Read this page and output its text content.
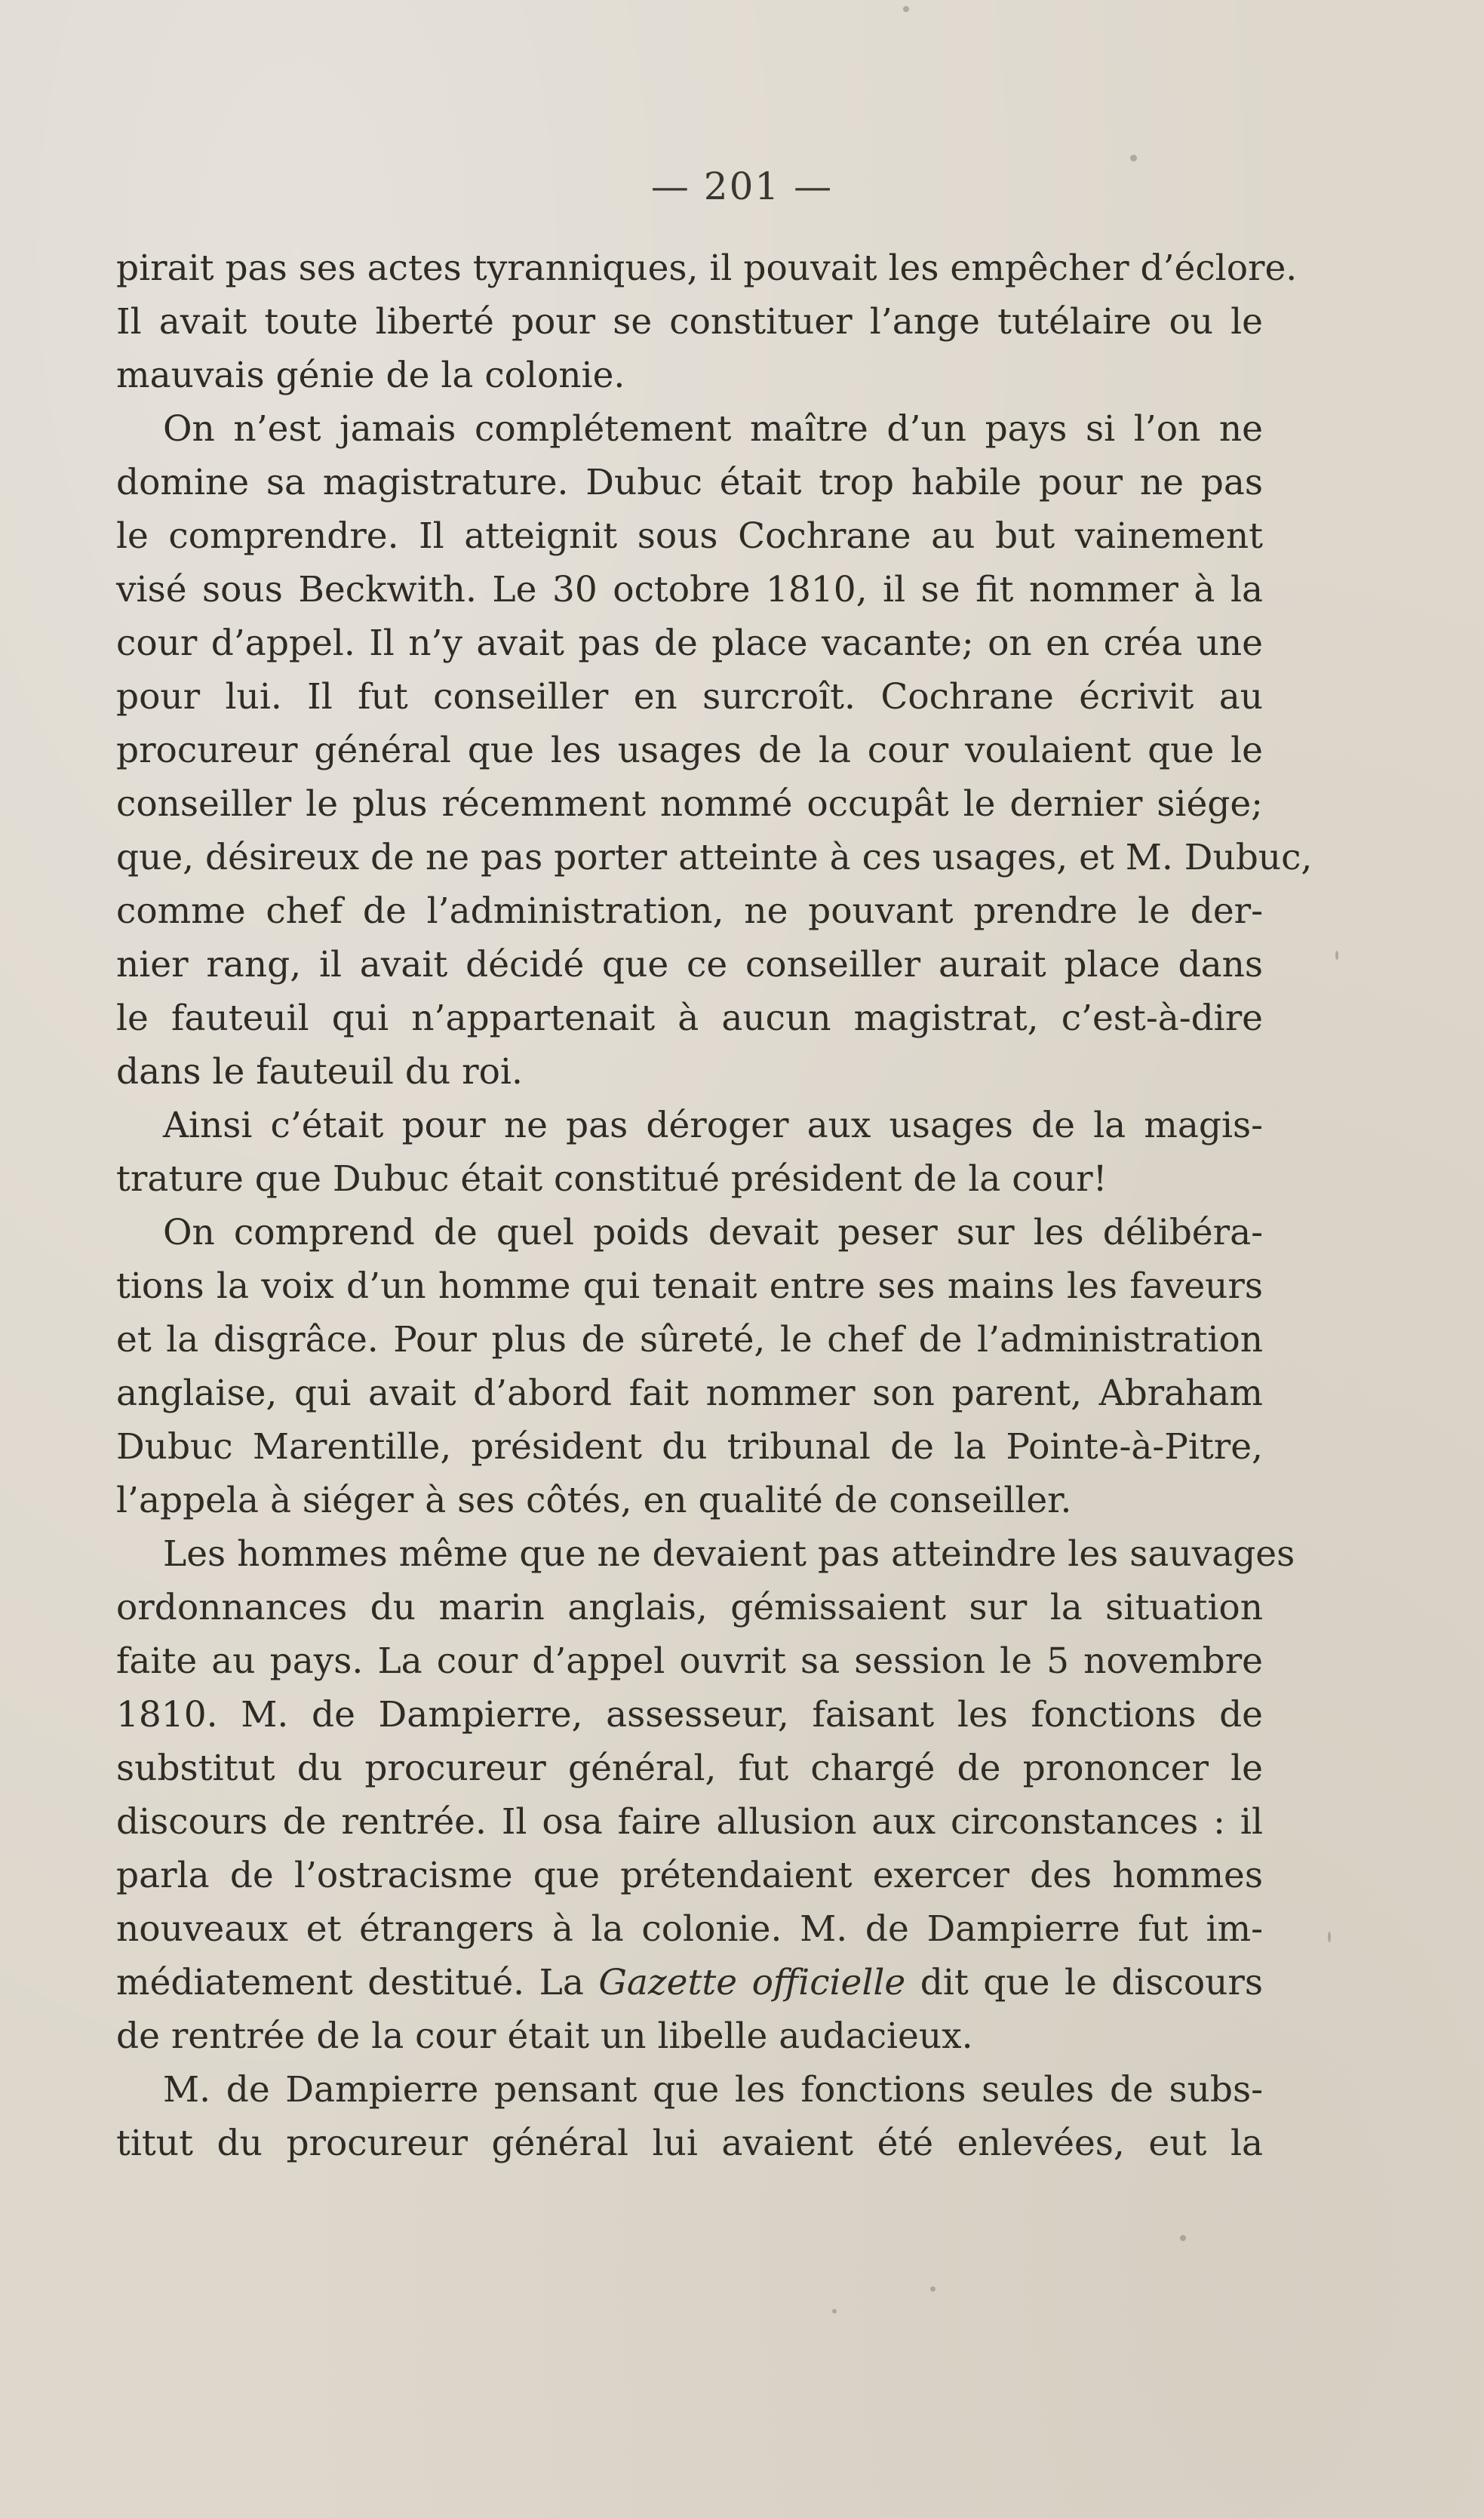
— 201 —
pirait pas ses actes tyranniques, il pouvait les empêcher d’éclore.
Il avait toute liberté pour se constituer l’ange tutélaire ou le
mauvais génie de la colonie.
On n’est jamais complétement maître d’un pays si l’on ne
domine sa magistrature. Dubuc était trop habile pour ne pas
le comprendre. Il atteignit sous Cochrane au but vainement
visé sous Beckwith. Le 30 octobre 1810, il se fit nommer à la
cour d’appel. Il n’y avait pas de place vacante; on en créa une
pour lui. Il fut conseiller en surcroît. Cochrane écrivit au
procureur général que les usages de la cour voulaient que le
conseiller le plus récemment nommé occupât le dernier siége;
que, désireux de ne pas porter atteinte à ces usages, et M. Dubuc,
comme chef de l’administration, ne pouvant prendre le der-
nier rang, il avait décidé que ce conseiller aurait place dans
le fauteuil qui n’appartenait à aucun magistrat, c’est-à-dire
dans le fauteuil du roi.
Ainsi c’était pour ne pas déroger aux usages de la magis-
trature que Dubuc était constitué président de la cour!
On comprend de quel poids devait peser sur les délibéra-
tions la voix d’un homme qui tenait entre ses mains les faveurs
et la disgrâce. Pour plus de sûreté, le chef de l’administration
anglaise, qui avait d’abord fait nommer son parent, Abraham
Dubuc Marentille, président du tribunal de la Pointe-à-Pitre,
l’appela à siéger à ses côtés, en qualité de conseiller.
Les hommes même que ne devaient pas atteindre les sauvages
ordonnances du marin anglais, gémissaient sur la situation
faite au pays. La cour d’appel ouvrit sa session le 5 novembre
1810. M. de Dampierre, assesseur, faisant les fonctions de
substitut du procureur général, fut chargé de prononcer le
discours de rentrée. Il osa faire allusion aux circonstances : il
parla de l’ostracisme que prétendaient exercer des hommes
nouveaux et étrangers à la colonie. M. de Dampierre fut im-
médiatement destitué. La Gazette officielle dit que le discours
de rentrée de la cour était un libelle audacieux.
M. de Dampierre pensant que les fonctions seules de subs-
titut du procureur général lui avaient été enlevées, eut la
